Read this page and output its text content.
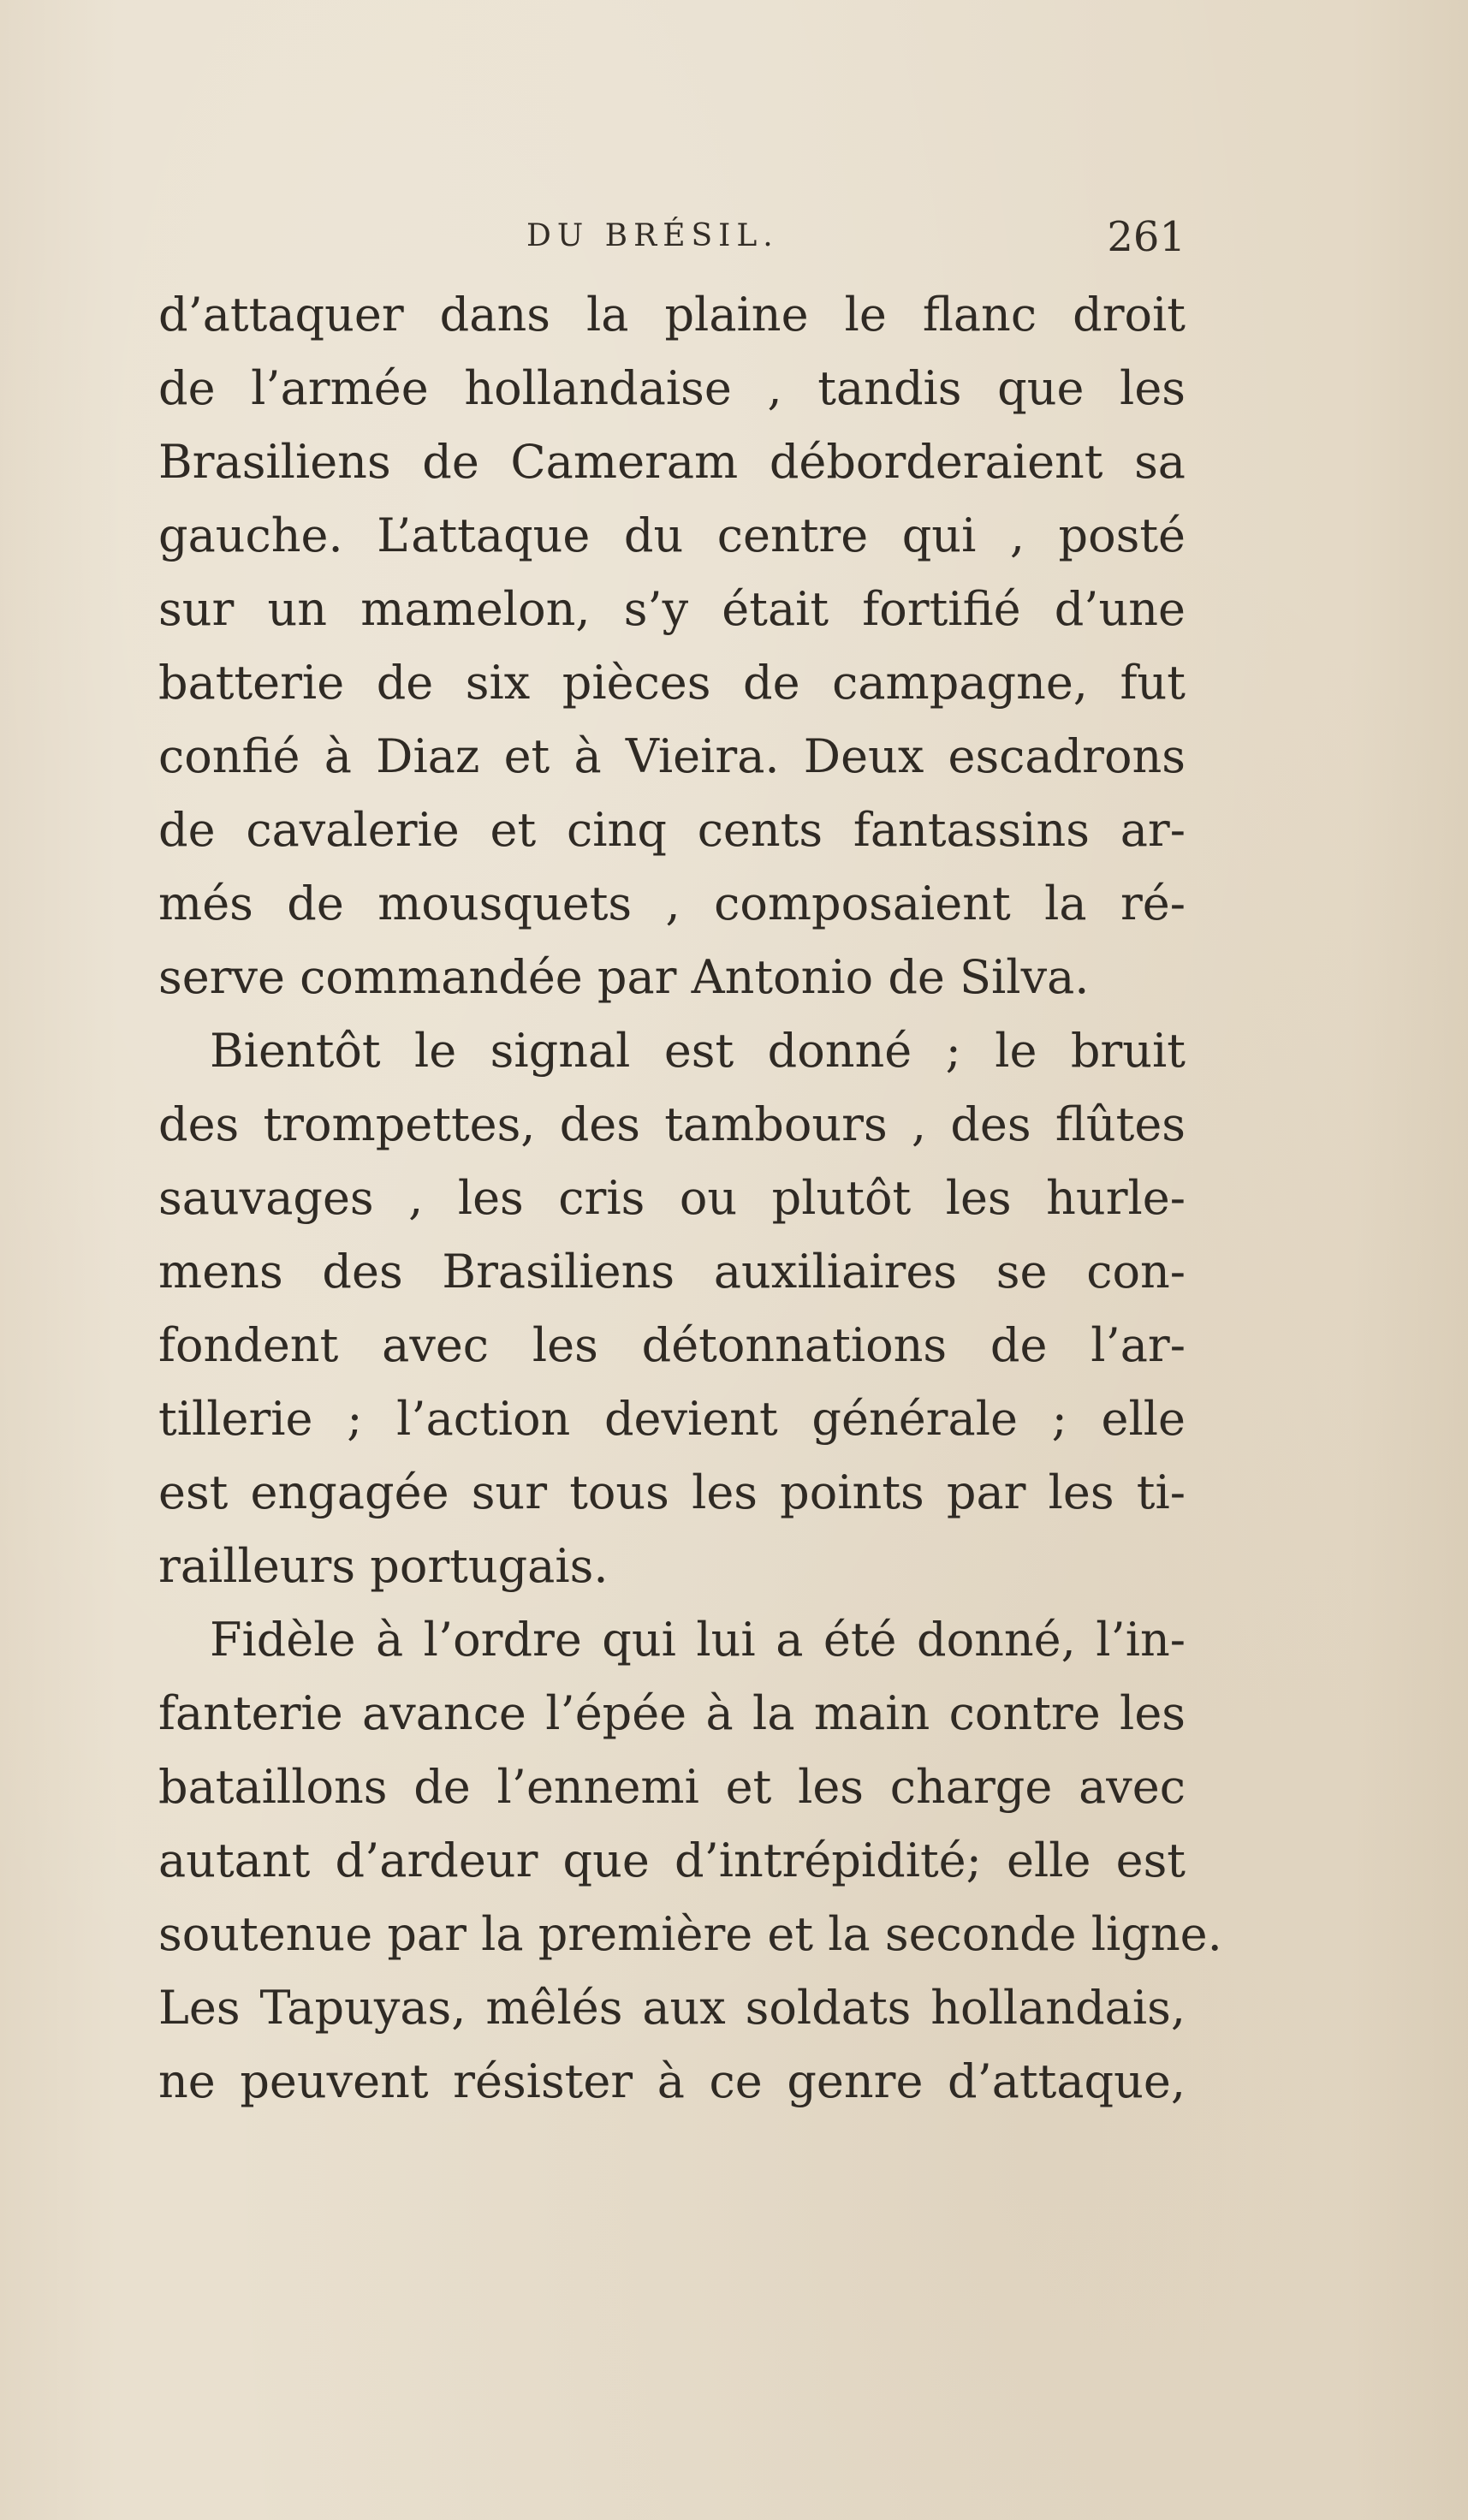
DU BRÉSIL.	261
d’attaquer dans la plaine le flanc droit
de l’armée hollandaise , tandis que les
Brasiliens de Cameram déborderaient sa
gauche. L’attaque du centre qui , posté
sur un mamelon, s’y était fortifié d’une
batterie de six pièces de campagne, fut
confié à Diaz et à Vieira. Deux escadrons
de cavalerie et cinq cents fantassins ar-
més de mousquets , composaient la ré-
serve commandée par Antonio de Silva.
Bientôt le signal est donné ; le bruit
des trompettes, des tambours , des flûtes
sauvages , les cris ou plutôt les hurle-
mens des Brasiliens auxiliaires se con-
fondent avec les détonnations de l’ar-
tillerie ; l’action devient générale ; elle
est engagée sur tous les points par les ti-
railleurs portugais.
Fidèle à l’ordre qui lui a été donné, l’in-
fanterie avance l’épée à la main contre les
bataillons de l’ennemi et les charge avec
autant d’ardeur que d’intrépidité; elle est
soutenue par la première et la seconde ligne.
Les Tapuyas, mêlés aux soldats hollandais,
ne peuvent résister à ce genre d’attaque,
